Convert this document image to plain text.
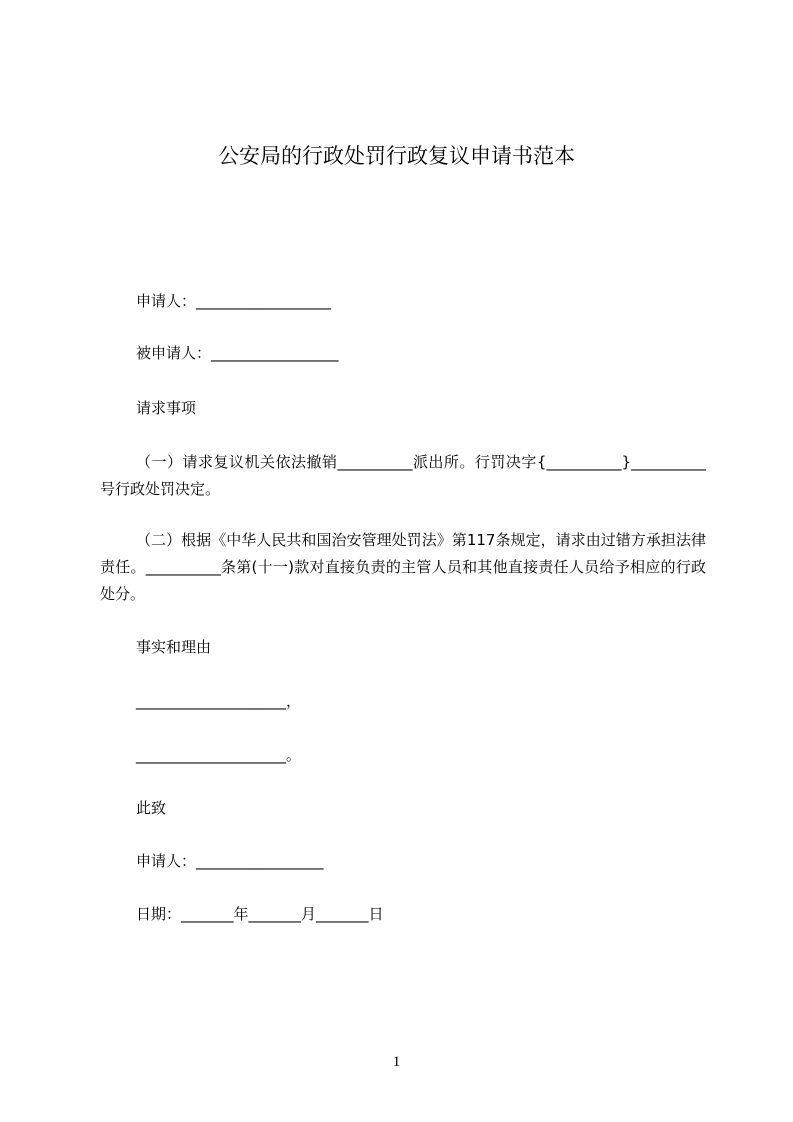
公安局的行政处罚行政复议申请书范本
申请人：__________________
被申请人：_________________
请求事项
（一）请求复议机关依法撤销__________派出所。行罚决字{__________}__________号行政处罚决定。
（二）根据《中华人民共和国治安管理处罚法》第117条规定，请求由过错方承担法律责任。__________条第(十一)款对直接负责的主管人员和其他直接责任人员给予相应的行政处分。
事实和理由
____________________，
____________________。
此致
申请人：_________________
日期：_______年_______月_______日
1
